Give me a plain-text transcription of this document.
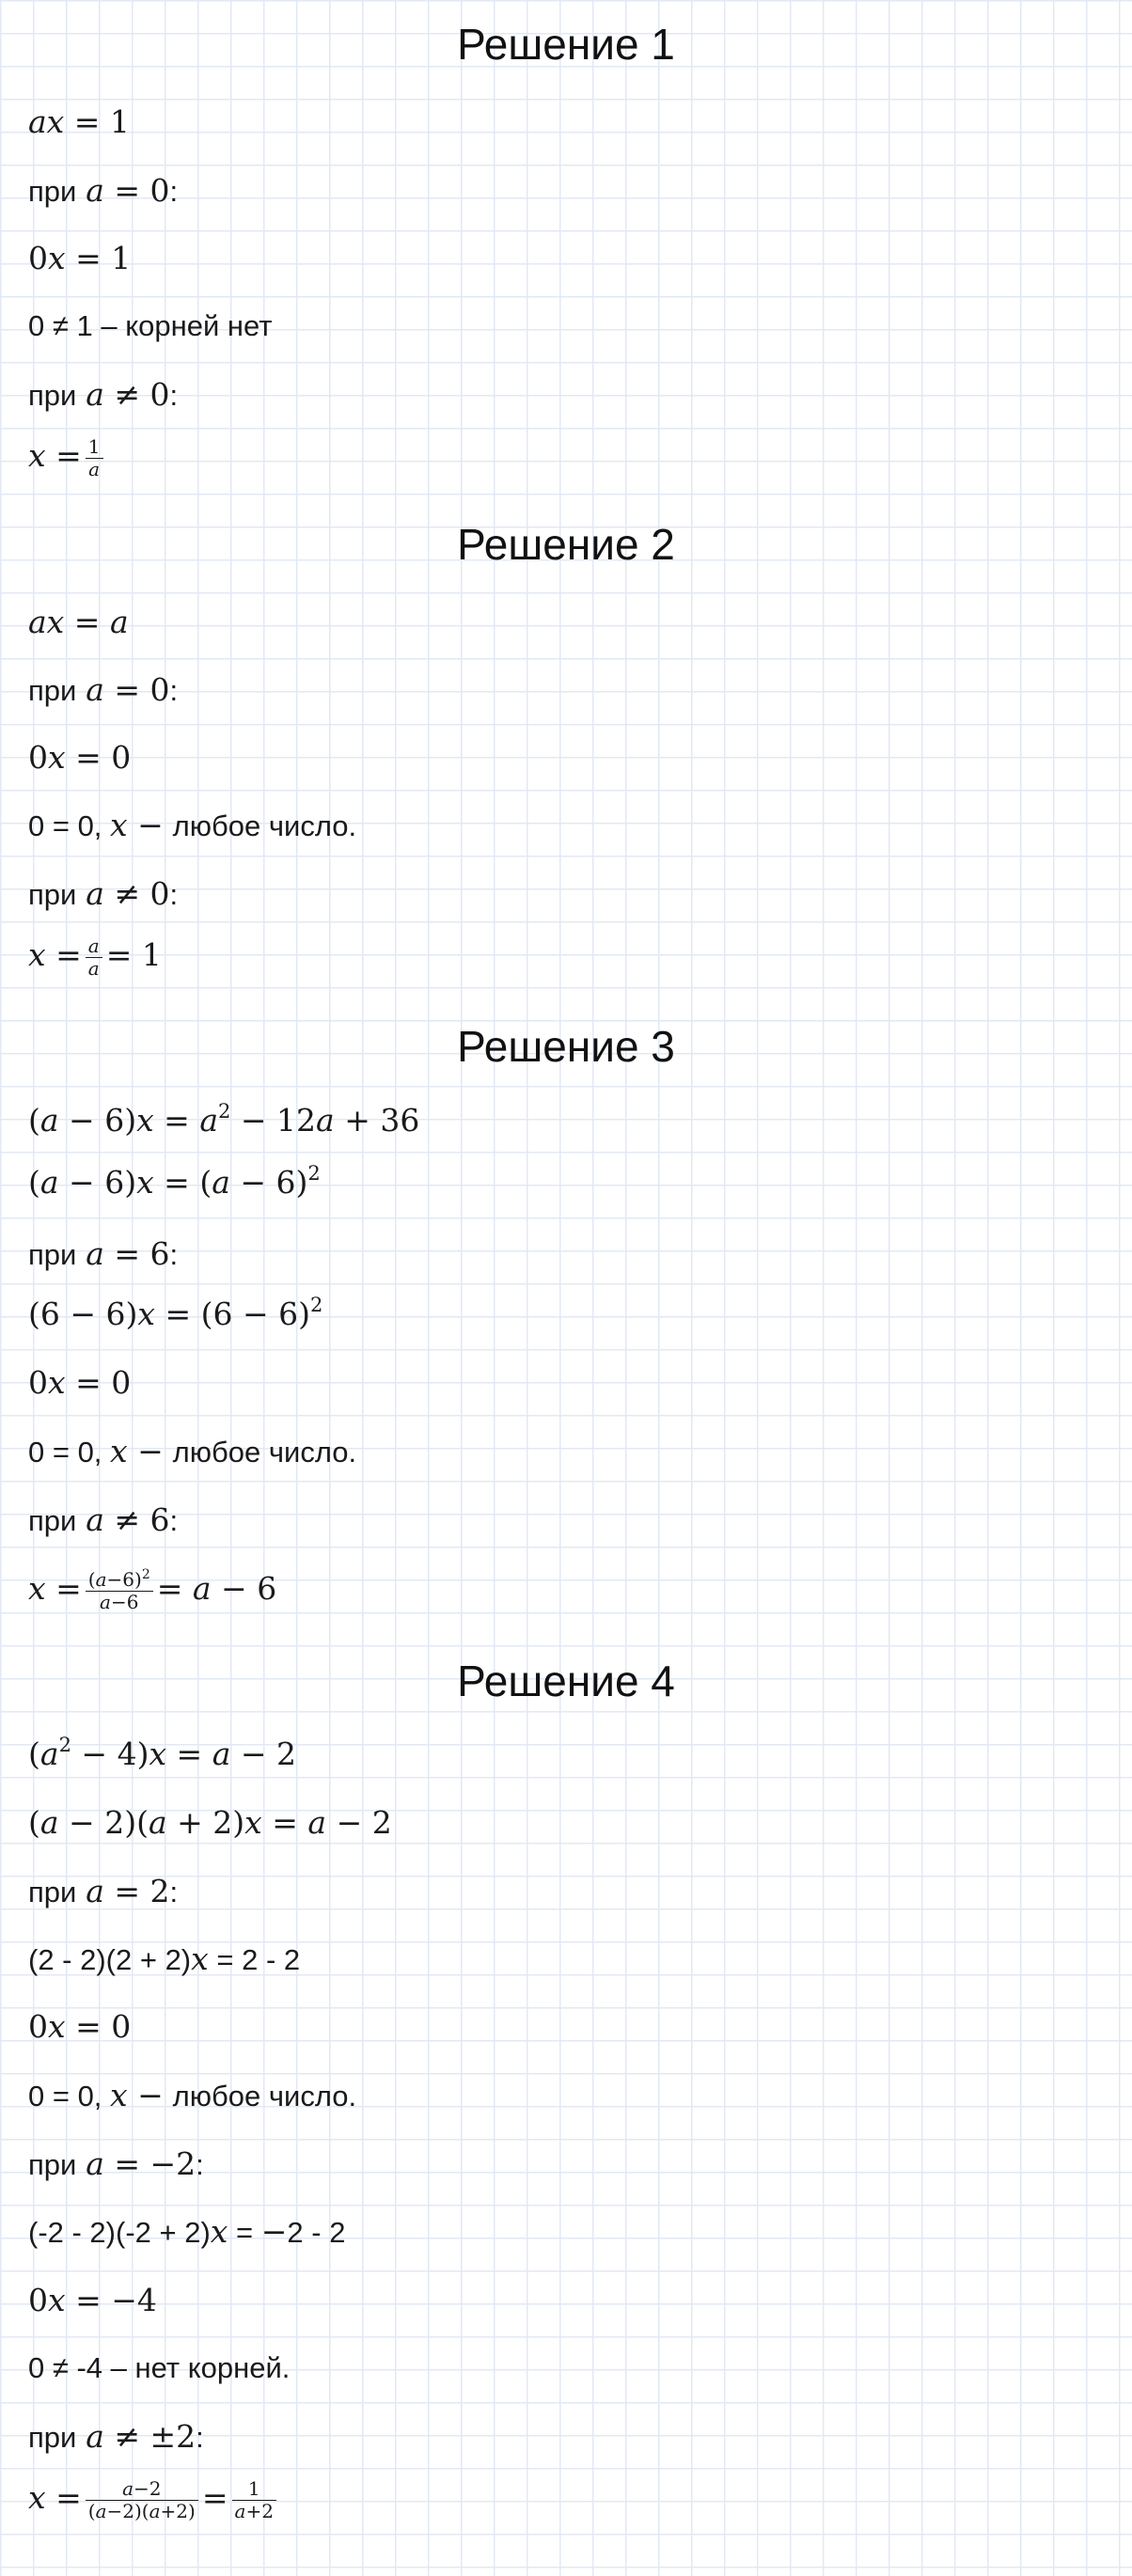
Решение 1
ax = 1
при a = 0:
0x = 1
0 ≠ 1 – корней нет
при a ≠ 0:
$x = \frac{1}{a}$
Решение 2
ax = a
при a = 0:
0x = 0
0 = 0, x − любое число.
при a ≠ 0:
$x = \frac{a}{a} = 1$
Решение 3
$(a - 6)x = a^2 - 12a + 36$
$(a - 6)x = (a - 6)^2$
при a = 6:
$(6 - 6)x = (6 - 6)^2$
0x = 0
0 = 0, x − любое число.
при a ≠ 6:
$x = \frac{(a-6)^2}{a-6} = a - 6$
Решение 4
$(a^2 - 4)x = a - 2$
(a − 2)(a + 2)x = a − 2
при a = 2:
(2 - 2)(2 + 2)x = 2 - 2
0x = 0
0 = 0, x − любое число.
при a = −2:
(-2 - 2)(-2 + 2)x = −2 - 2
0x = −4
0 ≠ -4 – нет корней.
при a ≠ ±2:
$x = \frac{a-2}{(a-2)(a+2)} = \frac{1}{a+2}$
